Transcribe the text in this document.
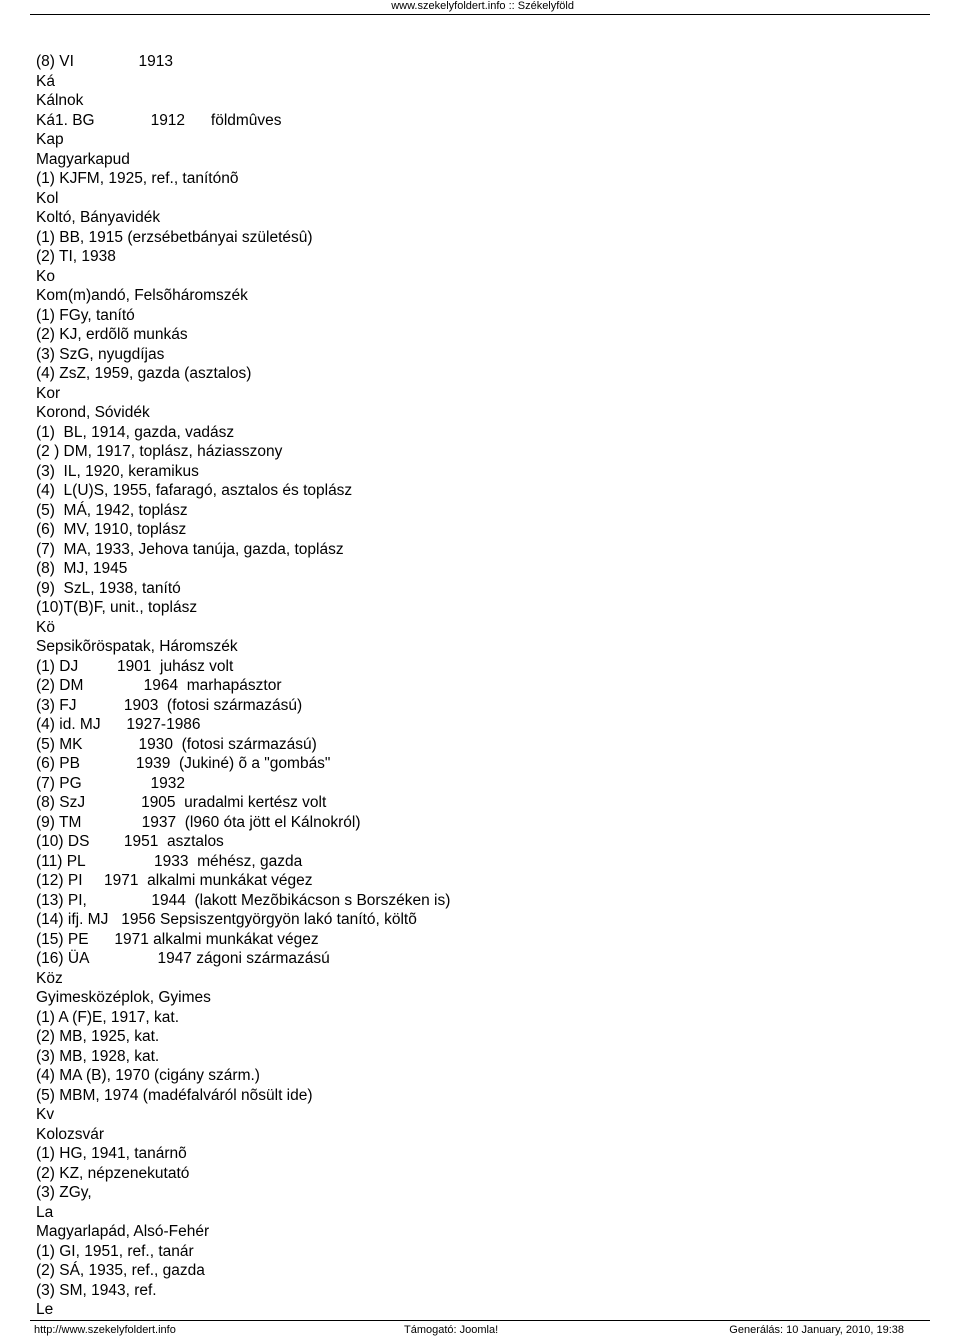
www.szekelyfoldert.info :: Székelyföld
(8) VI               1913
Ká
Kálnok
Ká1. BG             1912      földmûves
Kap
Magyarkapud
(1) KJFM, 1925, ref., tanítónõ
Kol
Koltó, Bányavidék
(1) BB, 1915 (erzsébetbányai születésû)
(2) TI, 1938
Ko
Kom(m)andó, Felsõháromszék
(1) FGy, tanító
(2) KJ, erdõlõ munkás
(3) SzG, nyugdíjas
(4) ZsZ, 1959, gazda (asztalos)
Kor
Korond, Sóvidék
(1)  BL, 1914, gazda, vadász
(2 ) DM, 1917, toplász, háziasszony
(3)  IL, 1920, keramikus
(4)  L(U)S, 1955, fafaragó, asztalos és toplász
(5)  MÁ, 1942, toplász
(6)  MV, 1910, toplász
(7)  MA, 1933, Jehova tanúja, gazda, toplász
(8)  MJ, 1945
(9)  SzL, 1938, tanító
(10)T(B)F, unit., toplász
Kö
Sepsikõröspatak, Háromszék
(1) DJ         1901  juhász volt
(2) DM              1964  marhapásztor
(3) FJ           1903  (fotosi származású)
(4) id. MJ      1927-1986
(5) MK             1930  (fotosi származású)
(6) PB             1939  (Jukiné) õ a "gombás"
(7) PG                1932
(8) SzJ             1905  uradalmi kertész volt
(9) TM              1937  (l960 óta jött el Kálnokról)
(10) DS        1951  asztalos
(11) PL                1933  méhész, gazda
(12) PI     1971  alkalmi munkákat végez
(13) PI,               1944  (lakott Mezõbikácson s Borszéken is)
(14) ifj. MJ   1956 Sepsiszentgyörgyön lakó tanító, költõ
(15) PE      1971 alkalmi munkákat végez
(16) ÜA                1947 zágoni származású
Köz
Gyimesközéplok, Gyimes
(1) A (F)E, 1917, kat.
(2) MB, 1925, kat.
(3) MB, 1928, kat.
(4) MA (B), 1970 (cigány szárm.)
(5) MBM, 1974 (madéfalváról nõsült ide)
Kv
Kolozsvár
(1) HG, 1941, tanárnõ
(2) KZ, népzenekutató
(3) ZGy,
La
Magyarlapád, Alsó-Fehér
(1) GI, 1951, ref., tanár
(2) SÁ, 1935, ref., gazda
(3) SM, 1943, ref.
Le
http://www.szekelyfoldert.info	Támogató: Joomla!	Generálás: 10 January, 2010, 19:38
